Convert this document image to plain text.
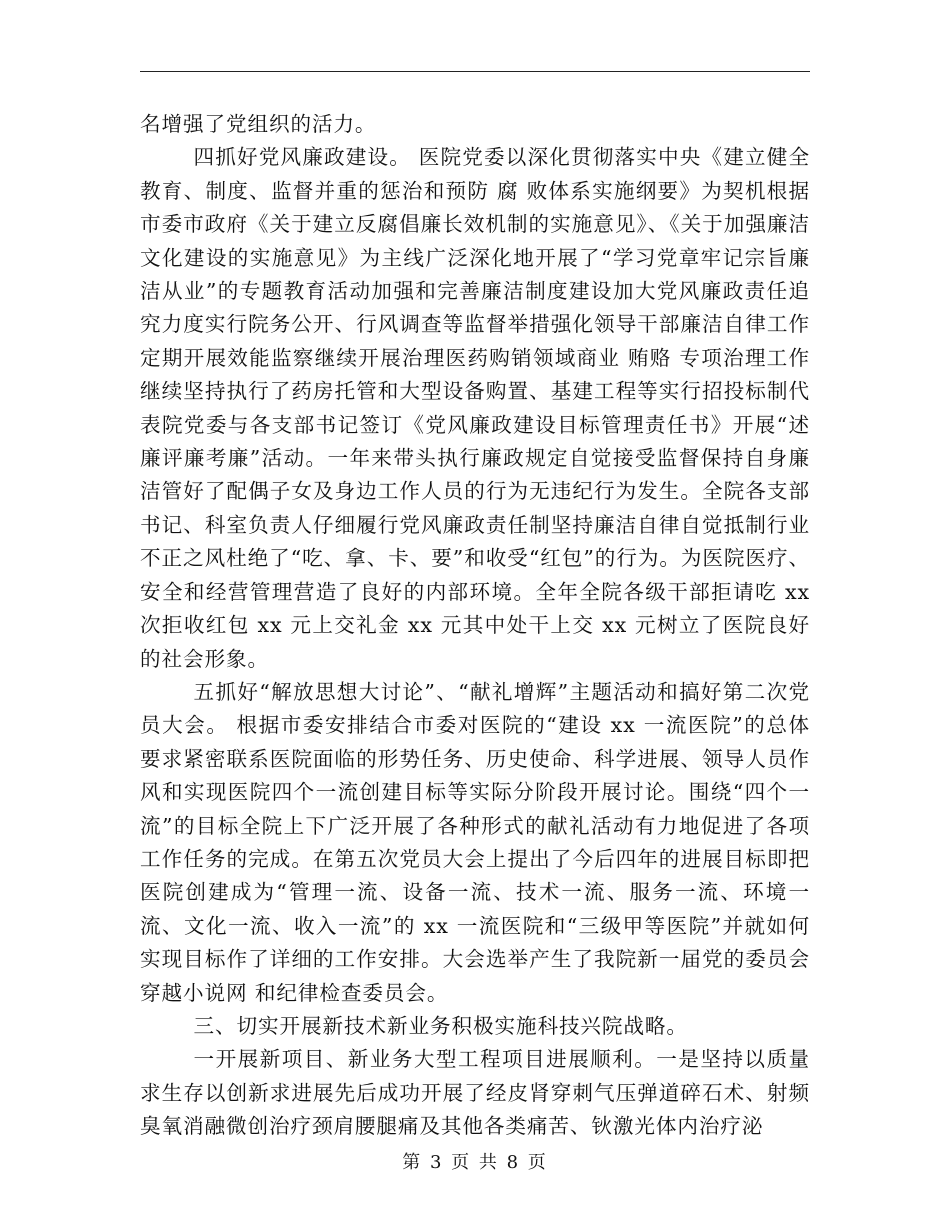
名增强了党组织的活力。

四抓好党风廉政建设。 医院党委以深化贯彻落实中央《建立健全教育、制度、监督并重的惩治和预防 腐 败体系实施纲要》为契机根据市委市政府《关于建立反腐倡廉长效机制的实施意见》、《关于加强廉洁文化建设的实施意见》为主线广泛深化地开展了“学习党章牢记宗旨廉洁从业”的专题教育活动加强和完善廉洁制度建设加大党风廉政责任追究力度实行院务公开、行风调查等监督举措强化领导干部廉洁自律工作定期开展效能监察继续开展治理医药购销领域商业 贿赂 专项治理工作继续坚持执行了药房托管和大型设备购置、基建工程等实行招投标制代表院党委与各支部书记签订《党风廉政建设目标管理责任书》开展“述廉评廉考廉”活动。一年来带头执行廉政规定自觉接受监督保持自身廉洁管好了配偶子女及身边工作人员的行为无违纪行为发生。全院各支部书记、科室负责人仔细履行党风廉政责任制坚持廉洁自律自觉抵制行业不正之风杜绝了“吃、拿、卡、要”和收受“红包”的行为。为医院医疗、安全和经营管理营造了良好的内部环境。全年全院各级干部拒请吃 xx 次拒收红包 xx 元上交礼金 xx 元其中处干上交 xx 元树立了医院良好的社会形象。

五抓好“解放思想大讨论”、“献礼增辉”主题活动和搞好第二次党员大会。 根据市委安排结合市委对医院的“建设 xx 一流医院”的总体要求紧密联系医院面临的形势任务、历史使命、科学进展、领导人员作风和实现医院四个一流创建目标等实际分阶段开展讨论。围绕“四个一流”的目标全院上下广泛开展了各种形式的献礼活动有力地促进了各项工作任务的完成。在第五次党员大会上提出了今后四年的进展目标即把医院创建成为“管理一流、设备一流、技术一流、服务一流、环境一流、文化一流、收入一流”的 xx 一流医院和“三级甲等医院”并就如何实现目标作了详细的工作安排。大会选举产生了我院新一届党的委员会穿越小说网 和纪律检查委员会。

三、切实开展新技术新业务积极实施科技兴院战略。

一开展新项目、新业务大型工程项目进展顺利。一是坚持以质量求生存以创新求进展先后成功开展了经皮肾穿刺气压弹道碎石术、射频臭氧消融微创治疗颈肩腰腿痛及其他各类痛苦、钬激光体内治疗泌

第 3 页 共 8 页
